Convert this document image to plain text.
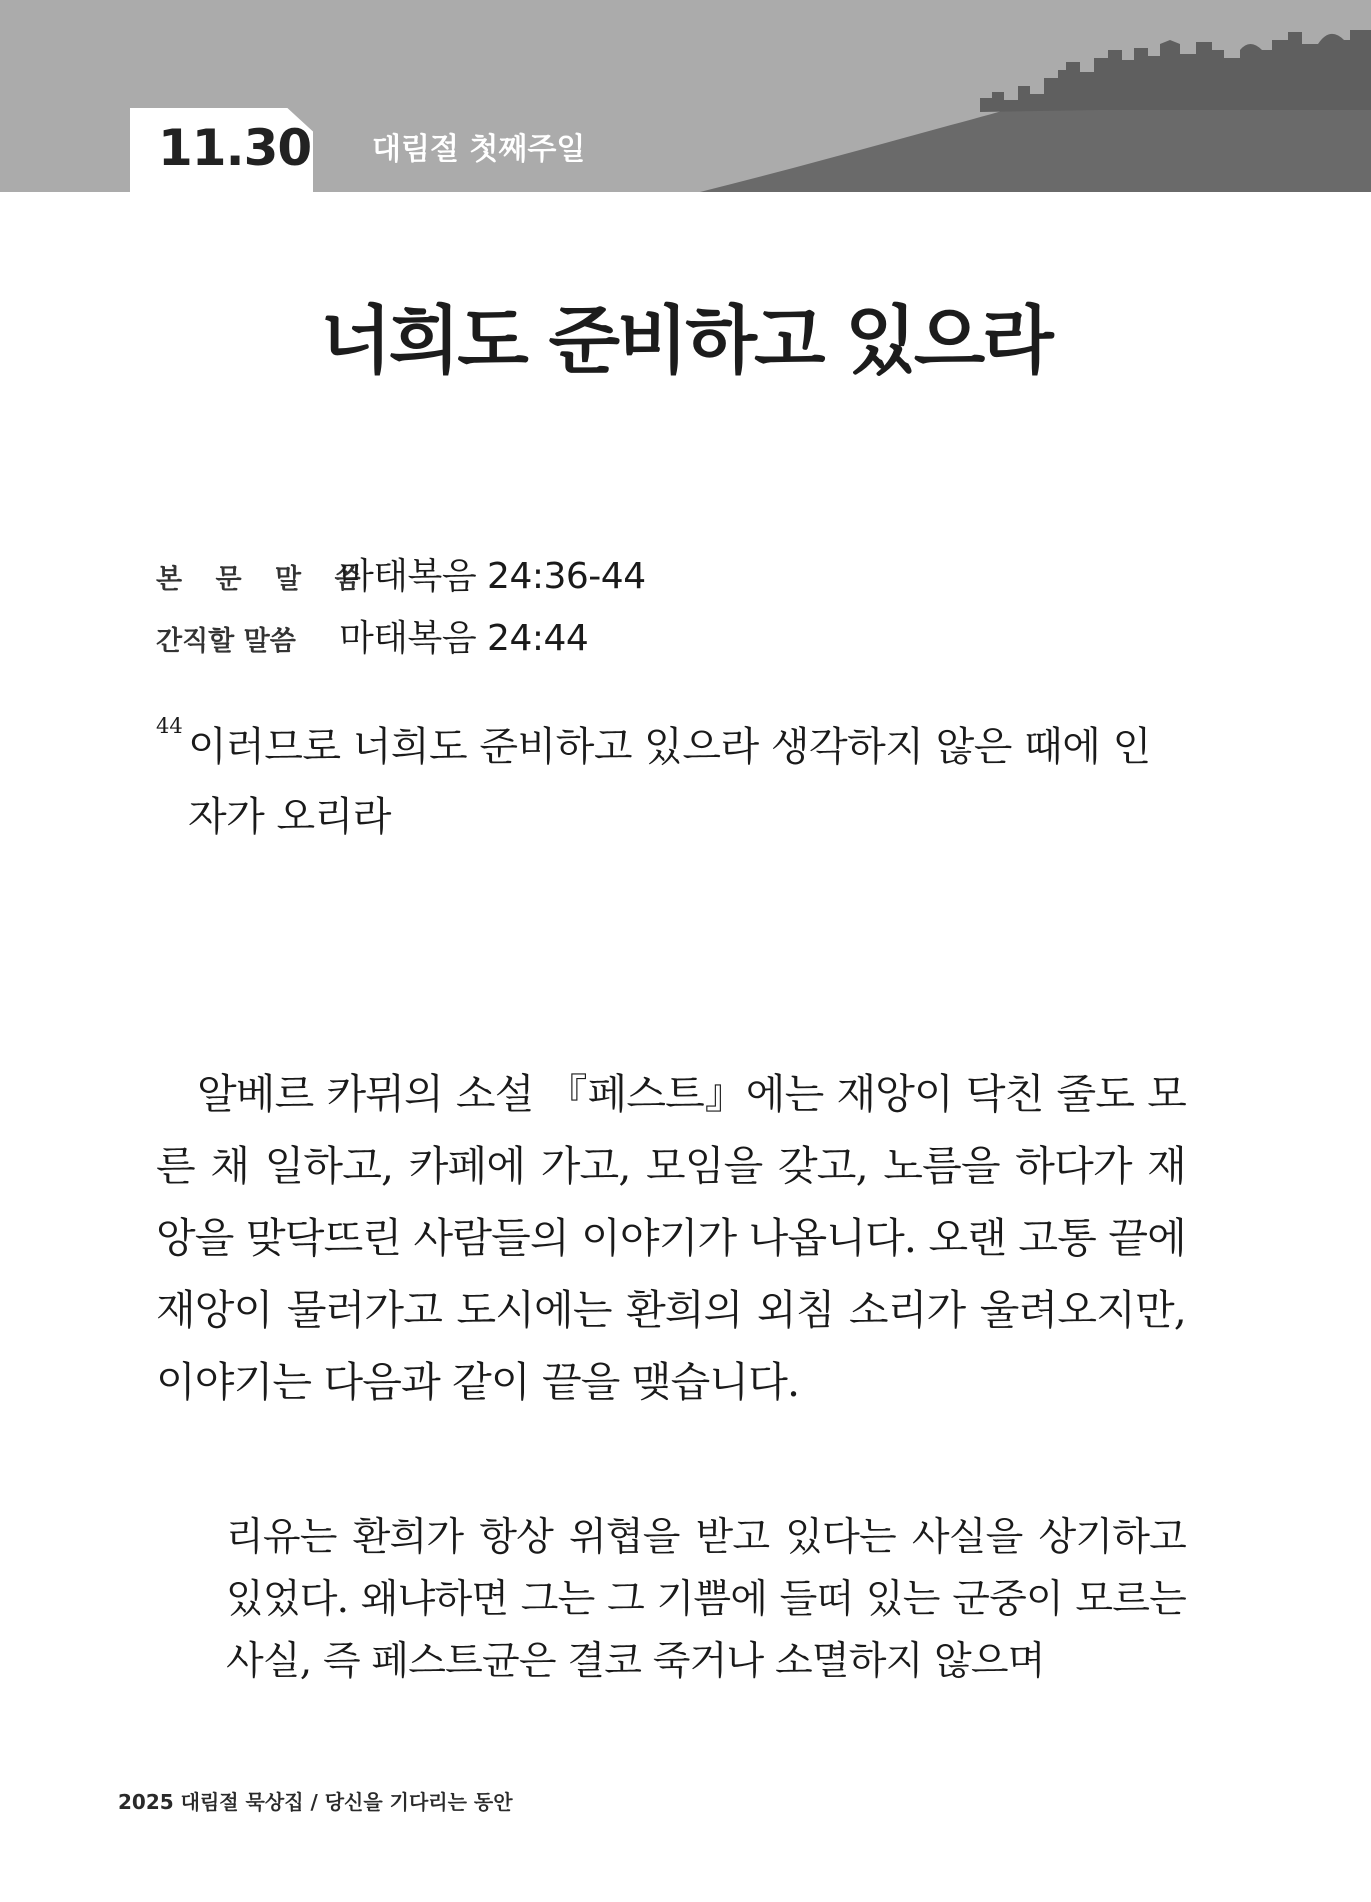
11.30 대림절 첫째주일
너희도 준비하고 있으라
본 문 말 씀
마태복음 24:36-44
간직할 말씀	마태복음 24:44
44 이러므로 너희도 준비하고 있으라 생각하지 않은 때에 인자가 오리라

알베르 카뮈의 소설 『페스트』에는 재앙이 닥친 줄도 모른 채 일하고, 카페에 가고, 모임을 갖고, 노름을 하다가 재앙을 맞닥뜨린 사람들의 이야기가 나옵니다. 오랜 고통 끝에 재앙이 물러가고 도시에는 환희의 외침 소리가 울려오지만, 이야기는 다음과 같이 끝을 맺습니다.

리유는 환희가 항상 위협을 받고 있다는 사실을 상기하고 있었다. 왜냐하면 그는 그 기쁨에 들떠 있는 군중이 모르는 사실, 즉 페스트균은 결코 죽거나 소멸하지 않으며

2025 대림절 묵상집 / 당신을 기다리는 동안
